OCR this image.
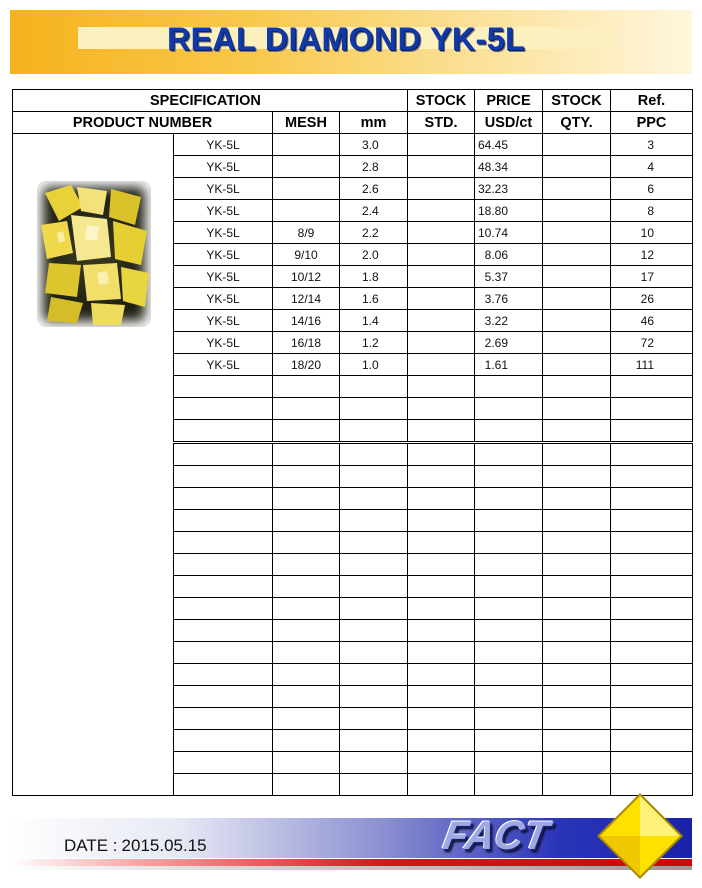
REAL DIAMOND YK-5L
SPECIFICATION				STOCK	PRICE	STOCK	Ref.
PRODUCT NUMBER		MESH	mm	STD.	USD/ct	QTY.	PPC

	YK-5L		3.0		64.45		3
	YK-5L		2.8		48.34		4
	YK-5L		2.6		32.23		6
	YK-5L		2.4		18.80		8
	YK-5L	8/9	2.2		10.74		10
	YK-5L	9/10	2.0		8.06		12
	YK-5L	10/12	1.8		5.37		17
	YK-5L	12/14	1.6		3.76		26
	YK-5L	14/16	1.4		3.22		46
	YK-5L	16/18	1.2		2.69		72
	YK-5L	18/20	1.0		1.61		111

DATE : 2015.05.15	FACT
